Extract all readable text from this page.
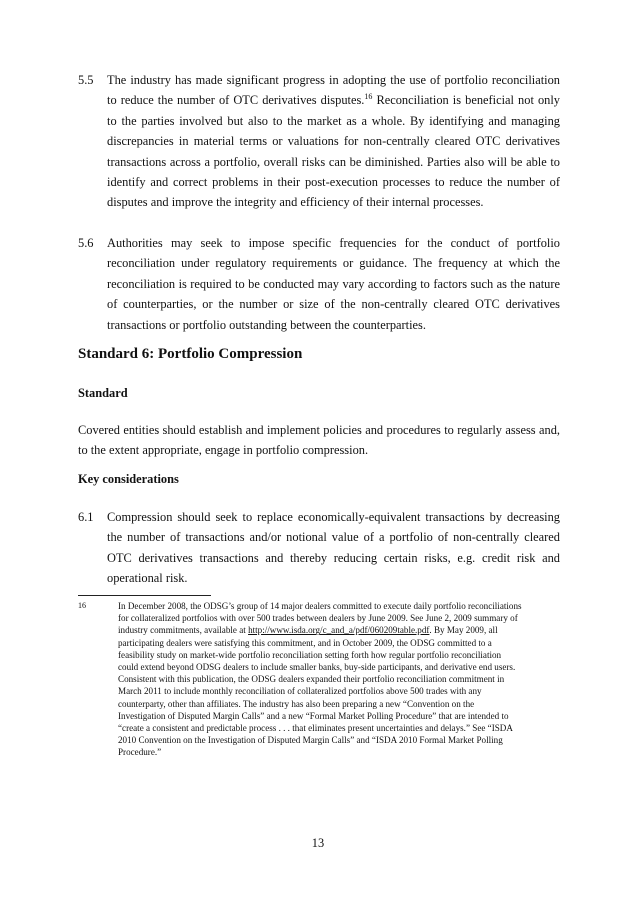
5.5 The industry has made significant progress in adopting the use of portfolio reconciliation to reduce the number of OTC derivatives disputes.$^{16}$ Reconciliation is beneficial not only to the parties involved but also to the market as a whole. By identifying and managing discrepancies in material terms or valuations for non-centrally cleared OTC derivatives transactions across a portfolio, overall risks can be diminished. Parties also will be able to identify and correct problems in their post-execution processes to reduce the number of disputes and improve the integrity and efficiency of their internal processes.
5.6 Authorities may seek to impose specific frequencies for the conduct of portfolio reconciliation under regulatory requirements or guidance. The frequency at which the reconciliation is required to be conducted may vary according to factors such as the nature of counterparties, or the number or size of the non-centrally cleared OTC derivatives transactions or portfolio outstanding between the counterparties.
Standard 6: Portfolio Compression
Standard
Covered entities should establish and implement policies and procedures to regularly assess and, to the extent appropriate, engage in portfolio compression.
Key considerations
6.1 Compression should seek to replace economically-equivalent transactions by decreasing the number of transactions and/or notional value of a portfolio of non-centrally cleared OTC derivatives transactions and thereby reducing certain risks, e.g. credit risk and operational risk.
16	In December 2008, the ODSG’s group of 14 major dealers committed to execute daily portfolio reconciliations for collateralized portfolios with over 500 trades between dealers by June 2009. See June 2, 2009 summary of industry commitments, available at http://www.isda.org/c_and_a/pdf/060209table.pdf. By May 2009, all participating dealers were satisfying this commitment, and in October 2009, the ODSG committed to a feasibility study on market-wide portfolio reconciliation setting forth how regular portfolio reconciliation could extend beyond ODSG dealers to include smaller banks, buy-side participants, and derivative end users. Consistent with this publication, the ODSG dealers expanded their portfolio reconciliation commitment in March 2011 to include monthly reconciliation of collateralized portfolios above 500 trades with any counterparty, other than affiliates. The industry has also been preparing a new “Convention on the Investigation of Disputed Margin Calls” and a new “Formal Market Polling Procedure” that are intended to “create a consistent and predictable process . . . that eliminates present uncertainties and delays.” See “ISDA 2010 Convention on the Investigation of Disputed Margin Calls” and “ISDA 2010 Formal Market Polling Procedure.”
13
